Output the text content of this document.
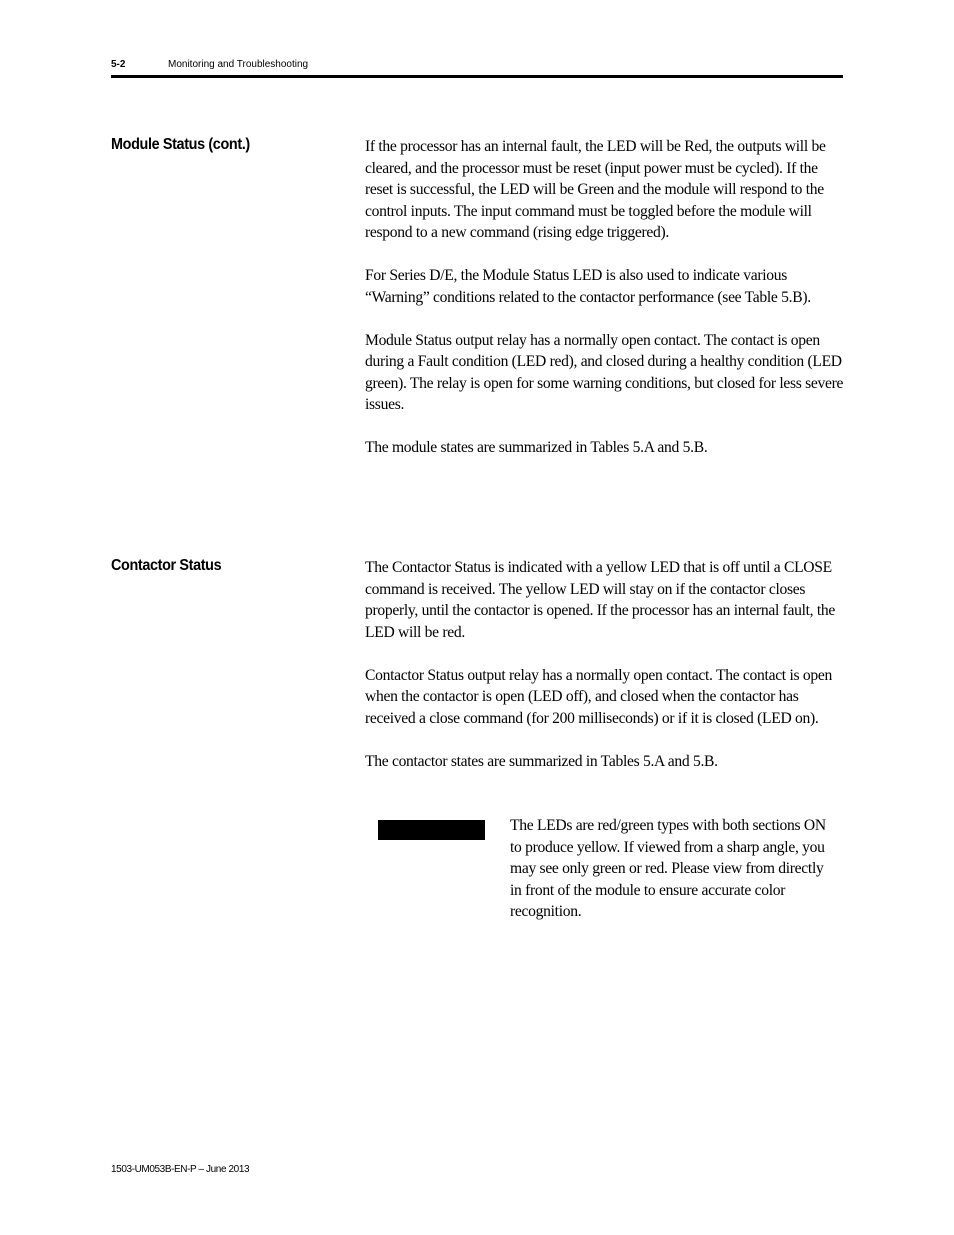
5-2	Monitoring and Troubleshooting
Module Status (cont.)	If the processor has an internal fault, the LED will be Red, the outputs will be cleared, and the processor must be reset (input power must be cycled). If the reset is successful, the LED will be Green and the module will respond to the control inputs. The input command must be toggled before the module will respond to a new command (rising edge triggered).

For Series D/E, the Module Status LED is also used to indicate various “Warning” conditions related to the contactor performance (see Table 5.B).

Module Status output relay has a normally open contact. The contact is open during a Fault condition (LED red), and closed during a healthy condition (LED green). The relay is open for some warning conditions, but closed for less severe issues.

The module states are summarized in Tables 5.A and 5.B.

Contactor Status	The Contactor Status is indicated with a yellow LED that is off until a CLOSE command is received. The yellow LED will stay on if the contactor closes properly, until the contactor is opened. If the processor has an internal fault, the LED will be red.

Contactor Status output relay has a normally open contact. The contact is open when the contactor is open (LED off), and closed when the contactor has received a close command (for 200 milliseconds) or if it is closed (LED on).

The contactor states are summarized in Tables 5.A and 5.B.

The LEDs are red/green types with both sections ON to produce yellow. If viewed from a sharp angle, you may see only green or red. Please view from directly in front of the module to ensure accurate color recognition.
1503-UM053B-EN-P – June 2013
